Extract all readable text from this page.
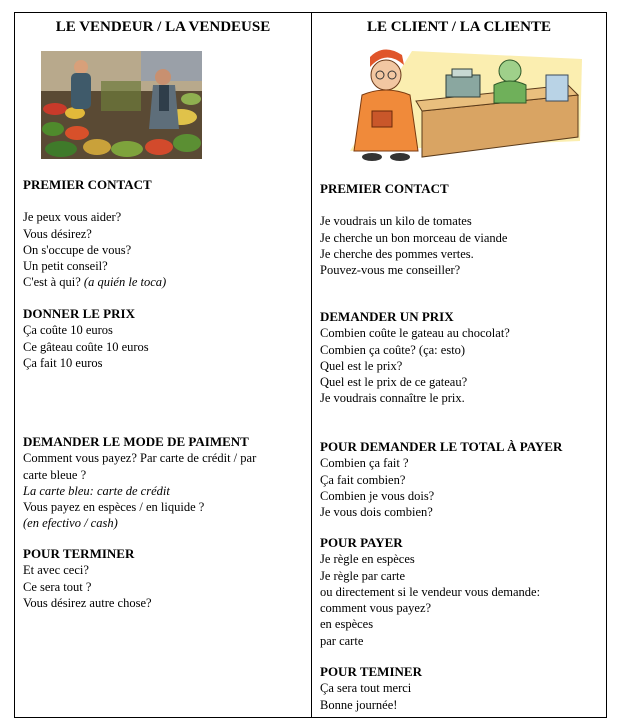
LE VENDEUR / LA VENDEUSE
PREMIER CONTACT
Je peux vous aider?
Vous désirez?
On s'occupe de vous?
Un petit conseil?
C'est à qui? (a quién le toca)
DONNER LE PRIX
Ça coûte 10 euros
Ce gâteau coûte 10 euros
Ça fait 10 euros
DEMANDER LE MODE DE PAIMENT
Comment vous payez? Par carte de crédit / par
carte bleue ?
La carte bleu: carte de crédit
Vous payez en espèces / en liquide ?
(en efectivo / cash)
POUR TERMINER
Et avec ceci?
Ce sera tout ?
Vous désirez autre chose?

LE CLIENT / LA CLIENTE
PREMIER CONTACT
Je voudrais un kilo de tomates
Je cherche un bon morceau de viande
Je cherche des pommes vertes.
Pouvez-vous me conseiller?
DEMANDER UN PRIX
Combien coûte le gateau au chocolat?
Combien ça coûte? (ça: esto)
Quel est le prix?
Quel est le prix de ce gateau?
Je voudrais connaître le prix.
POUR DEMANDER LE TOTAL À PAYER
Combien ça fait ?
Ça fait combien?
Combien je vous dois?
Je vous dois combien?
POUR PAYER
Je règle en espèces
Je règle par carte
ou directement si le vendeur vous demande:
comment vous payez?
en espèces
par carte
POUR TEMINER
Ça sera tout merci
Bonne journée!
